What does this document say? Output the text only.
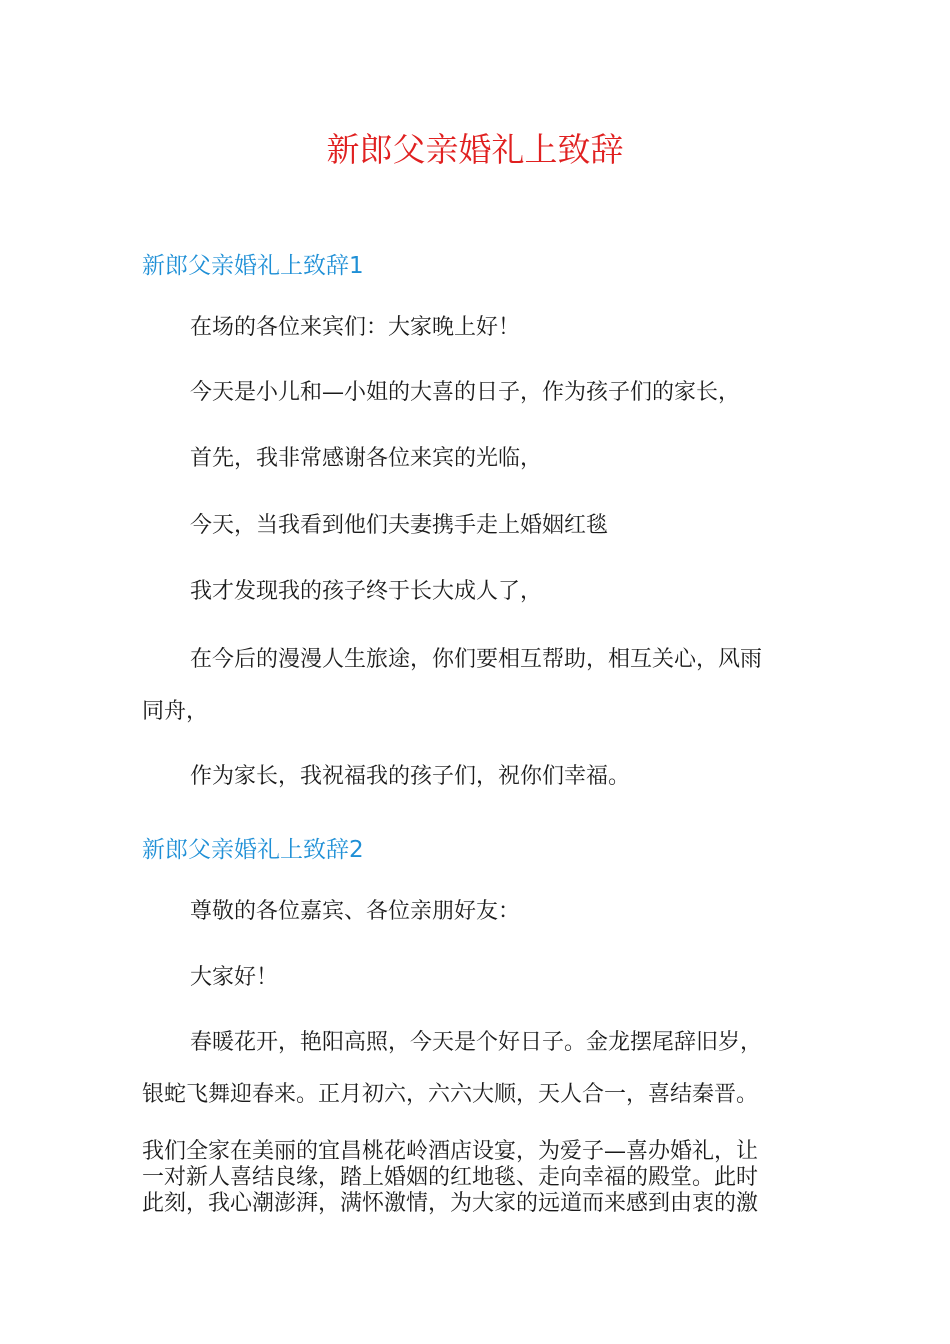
新郎父亲婚礼上致辞
新郎父亲婚礼上致辞1
在场的各位来宾们：大家晚上好！
今天是小儿和—小姐的大喜的日子，作为孩子们的家长，
首先，我非常感谢各位来宾的光临，
今天，当我看到他们夫妻携手走上婚姻红毯
我才发现我的孩子终于长大成人了，
在今后的漫漫人生旅途，你们要相互帮助，相互关心，风雨
同舟，
作为家长，我祝福我的孩子们，祝你们幸福。
新郎父亲婚礼上致辞2
尊敬的各位嘉宾、各位亲朋好友：
大家好！
春暖花开，艳阳高照，今天是个好日子。金龙摆尾辞旧岁，
银蛇飞舞迎春来。正月初六，六六大顺，天人合一，喜结秦晋。
我们全家在美丽的宜昌桃花岭酒店设宴，为爱子—喜办婚礼，让
一对新人喜结良缘，踏上婚姻的红地毯、走向幸福的殿堂。此时
此刻，我心潮澎湃，满怀激情，为大家的远道而来感到由衷的激
